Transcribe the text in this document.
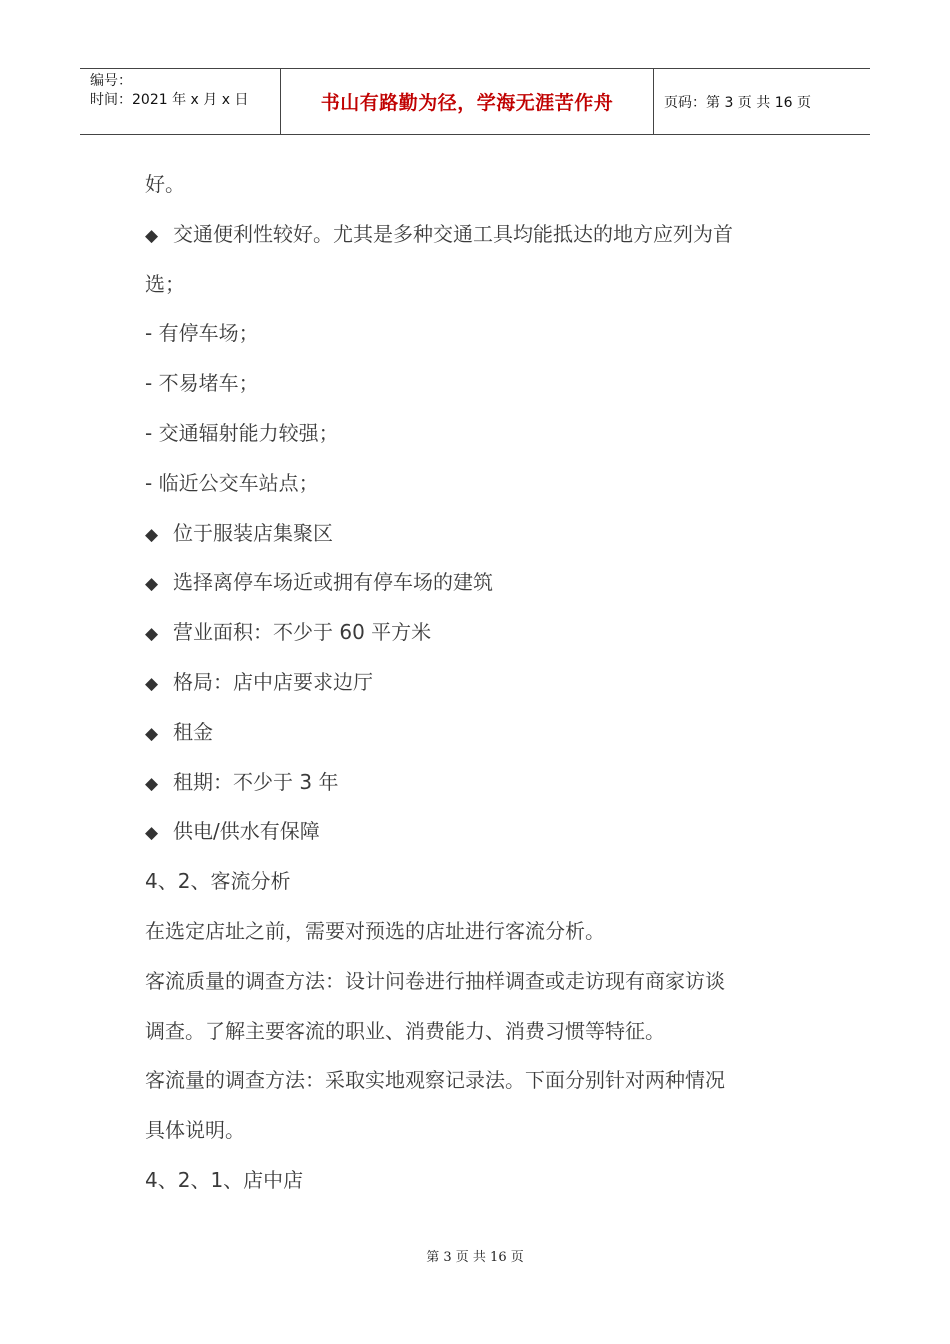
编号：
时间：2021 年 x 月 x 日	书山有路勤为径，学海无涯苦作舟	页码：第 3 页 共 16 页
好。
◆ 交通便利性较好。尤其是多种交通工具均能抵达的地方应列为首
选；
- 有停车场；
- 不易堵车；
- 交通辐射能力较强；
- 临近公交车站点；
◆ 位于服装店集聚区
◆ 选择离停车场近或拥有停车场的建筑
◆ 营业面积：不少于 60 平方米
◆ 格局：店中店要求边厅
◆ 租金
◆ 租期：不少于 3 年
◆ 供电/供水有保障
4、2、客流分析
在选定店址之前，需要对预选的店址进行客流分析。
客流质量的调查方法：设计问卷进行抽样调查或走访现有商家访谈
调查。了解主要客流的职业、消费能力、消费习惯等特征。
客流量的调查方法：采取实地观察记录法。下面分别针对两种情况
具体说明。
4、2、1、店中店
第 3 页 共 16 页
